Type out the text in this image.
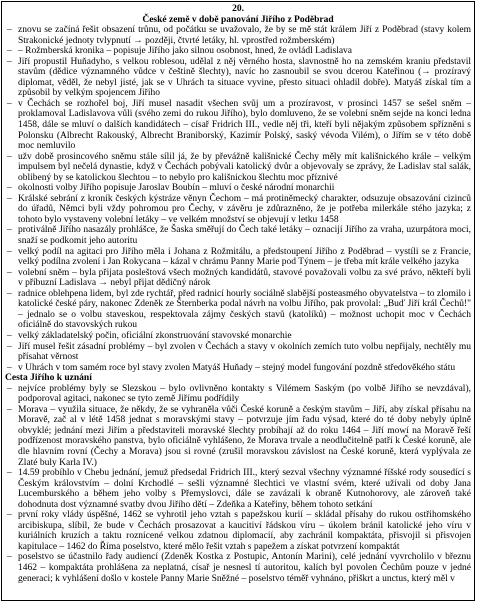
20.
České země v době panování Jiřího z Poděbrad
– znovu se začíná řešit obsazení trůnu, od počátku se uvažovalo, že by se mě stát králem Jiří z Poděbrad (stavy kolem Strakonické jednoty tvlypnutí → později, čtvrté letáky, hl. vprostřed rožmberském)
– – Rožmberská kronika – popisuje Jiřího jako silnou osobnost, hned, že ovládl Ladislava
– Jiří propustil Huňadyho, s velkou roblesou, udělal z něj věrného hosta, slavnostně ho na zemském kraniu představil stavům (dědice významného vůdce v češtině šlechty), navíc ho zasnoubil se svou dcerou Kateřinou (→ prozíravý diplomat, věděl, že nebyl jisté, jak se v Uhrách ta situace vyvine, přesto situaci ohladil dobře). Matyáš získal tím a způsobil by velkým spojencem Jiřího
– v Čechách se rozhořel boj, Jiří musel nasadit všechen svůj um a prozíravost, v prosinci 1457 se sešel sněm – proklamoval Ladislavova vůli (svého zemi do rukou Jiřího), bylo domluveno, že se volební sněm sejde na konci ledna 1458, dále se mluví o dalších kandidátech – císař Fridrich III., vedle něj tři, kteří byli nějakým způsobem spřízněni s Polonsku (Albrecht Rakouský, Albrecht Braniborský, Kazimír Polský, saský vévoda Vilém), o Jiřím se v této době moc nemluvilo
– užv době prosincového sněmu stále sílil já, že by převážně kališnické Čechy měly mít kališnického krále – velkým impulsem byl nečelá dynastie, když v Čechách pobývali katolický dvůr a objevovaly se zprávy, že Ladislav stal salák, oblibený by se katolickou šlechtou – to nebylo pro kališnickou šlechtu moc příznivé
– okolnosti volby Jiřího popisuje Jaroslav Boubín – mluví o české národní monarchii
– Králské sebrání z kroník českých kýstráze věnyn Čechom – má protiněmecký charakter, odsuzuje obsazování cizinců do úřadů, Němci byli vždy pohromou pro Čechy, v závěru je zdůrazněno, že je potřeba milerkále stého jazyka; z tohoto bylo vystaveny volební letáky – ve velkém množství se objevují v letku 1458
– protiválně Jiřího nasazály prohlášce, že Šaska směřují do Čech také letáky – oznacijí Jiřího za vraha, uzurpátora moci, snaží se podkomit jeho autoritu
– velký podíl na agitaci pro Jiřího měla i Johana z Rožmitálu, a předstoupení Jiřího z Poděbrad – vystíli se z Francie, velký podílna zvolení i Jan Rokycana – kázal v chrámu Panny Marie pod Týnem – je třeba mít krále velkého jazyka
– volební sněm – byla přijata posleštová všech možných kandidátů, stavové považovali volbu za své právo, někteří byli v příbuzní Ladislava → nebyl přijat dědičný nárok
– radnice oblehpena lidem, byl zde rychtář, před radnicí hourly sociálně slabější posteasmého obyvatelstva – to zlomilo i katolické české páry, nakonec Zdeněk ze Šternberka podal návrh na volbu Jiřího, pak provolal: „Buď Jiří král Čechů!" – jednalo se o volbu staveskou, respektovala zájmy českých stavů (katolíků) – možnost uchopit moc v Čechách oficiálně do stavovských rukou
– velký základatelský počin, oficiální zkonstruování stavovské monarchie
– Jiří musel řešit zásadní problémy – byl zvolen v Čechách a stavy v okolních zemích tuto volbu nepřijaly, nechtěly mu přísahat věrnost
– v Uhrách v tom samém roce byl stavy zvolen Matyáš Huňady – stejný model fungování pozdně středověkého státu
Cesta Jiřího k uznání
– nejvíce problémy byly se Slezskou – bylo ovlivněno kontakty s Vilémem Saským (po volbě Jiřího se nevzdával), podporoval agitaci, nakonec se tyto země Jiřímu podřídily
– Morava – využila situace, že někdy, že se vyhraněla vůči České koruně a českým stavům – Jiří, aby získal přísahu na Moravě, zač al v létě 1458 jednat s moravskými stavy – potvrzuje jím řadu výsad, které do té doby nebyly úplně obvyklé; jednání mezi Jiřím a představiteli moravské šlechty probíhají až do roku 1464 – Jiří mowí na Moravě řeší podřízenost moravského panstva, bylo oficiálně vyhlášeno, že Morava trvale a neodlučitelně patří k České koruně, ale dle hlavním rovní (Čechy a Morava) jsou si rovné (zrušil moravskou závislost na České koruně, která vyplývala ze Zlaté buly Karla IV.)
– 14.59 probíhlo v Chebu jednání, jemuž předsedal Fridrich III., který sezval všechny významné říšské rody sousedící s Českým královstvím – dolní Krchodlé – sešli významné šlechtici ve vlastní svém, které užívali od doby Jana Lucemburského a během jeho volby s Přemyslovci, dále se zavázali k obraně Kutnohorovy, ale zároveň také dohodnuta dost významné svatby dvou Jiřího dětí – Zdeňka a Kateřiny, během tohoto setkání
– první roky vlády úspěšné, 1462 se vyhrotil jeho vztah s papežskou kurií – skládal přísahy do rukou ostřihomského arcibiskupa, slíbil, že bude v Čechách prosazovat a kaucitiví řádskou víru – úkolem bránil katolické jeho víru v kuriálních kruzích a taktu roznícené velkou zdatnou diplomacií, aby zachránil kompaktáta, přisvojil si přisvojen kapitulace – 1462 do Říma poselstvo, které mělo řešit vztah s papežem a získat potvrzení kompaktát
– poselstvo se účastnilo řady audiencí (Zdeněk Kostka z Postupic, Antonín Marini), celé jednání vyvrcholilo v březnu 1462 – kompaktáta prohlášena za neplatná, císař je nesnesl tí autoritou, kalích byl povolen Čechům pouze v jedné generaci; k vyhlášení došlo v kostele Panny Marie Sněžné – poselstvo téměř vyhnáno, přiškrt a unctus, který měl v
